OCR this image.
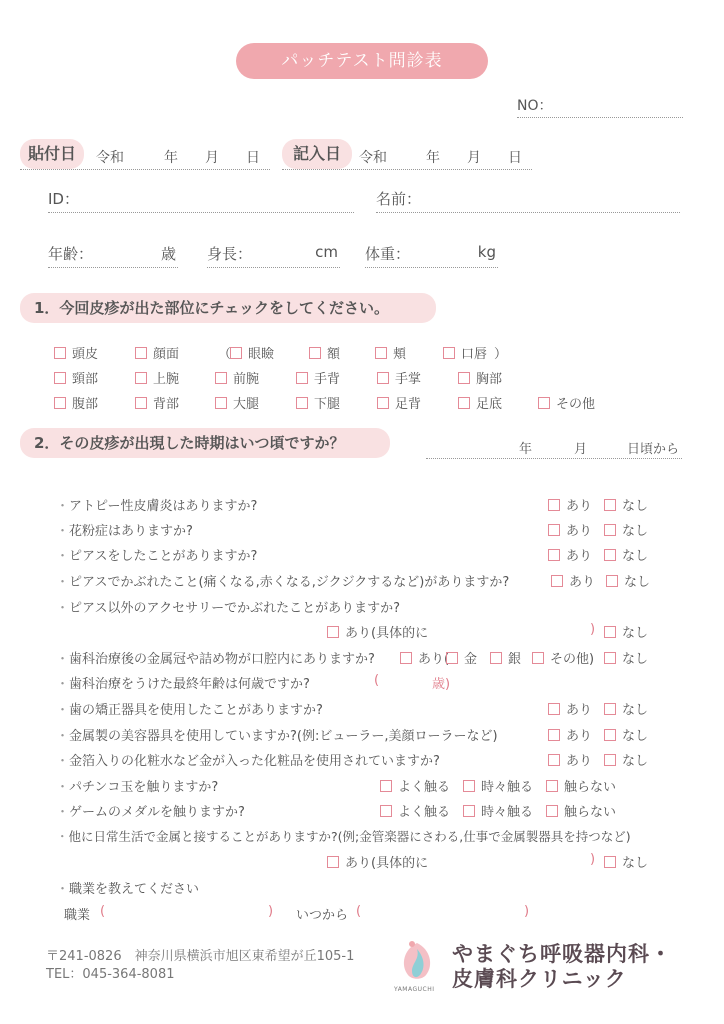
パッチテスト問診表
NO：
貼付日	令和	年 月 日	記入日	令和	年 月 日
ID：	名前：
年齢：	歳 身長：	cm 体重：	kg
1．今回皮疹が出た部位にチェックをしてください。
頭皮	顔面	（	眼瞼	額	頬	口唇 ）
頸部	上腕	前腕	手背	手掌	胸部
腹部	背部	大腿	下腿	足背	足底	その他
2．その皮疹が出現した時期はいつ頃ですか？	年	月	日頃から
・ アトピー性皮膚炎はありますか?	あり	なし
・ 花粉症はありますか?	あり	なし
・ ピアスをしたことがありますか?	あり	なし
・ ピアスでかぶれたこと(痛くなる,赤くなる,ジクジクするなど)がありますか?	あり	なし
・ ピアス以外のアクセサリーでかぶれたことがありますか?
あり(具体的に	)	なし
・ 歯科治療後の金属冠や詰め物が口腔内にありますか?	あり(	金	銀	その他)	なし
・ 歯科治療をうけた最終年齢は何歳ですか?	(	歳)
・ 歯の矯正器具を使用したことがありますか?	あり	なし
・ 金属製の美容器具を使用していますか?(例:ビューラー,美顔ローラーなど)	あり	なし
・ 金箔入りの化粧水など金が入った化粧品を使用されていますか?	あり	なし
・ パチンコ玉を触りますか?	よく触る	時々触る	触らない
・ ゲームのメダルを触りますか?	よく触る	時々触る	触らない
・ 他に日常生活で金属と接することがありますか?(例;金管楽器にさわる,仕事で金属製器具を持つなど)
あり(具体的に	)	なし
・ 職業を教えてください
職業 (	) いつから (	)
〒241-0826　神奈川県横浜市旭区東希望が丘105-1
TEL：045-364-8081
YAMAGUCHI
やまぐち呼吸器内科・
皮膚科クリニック
